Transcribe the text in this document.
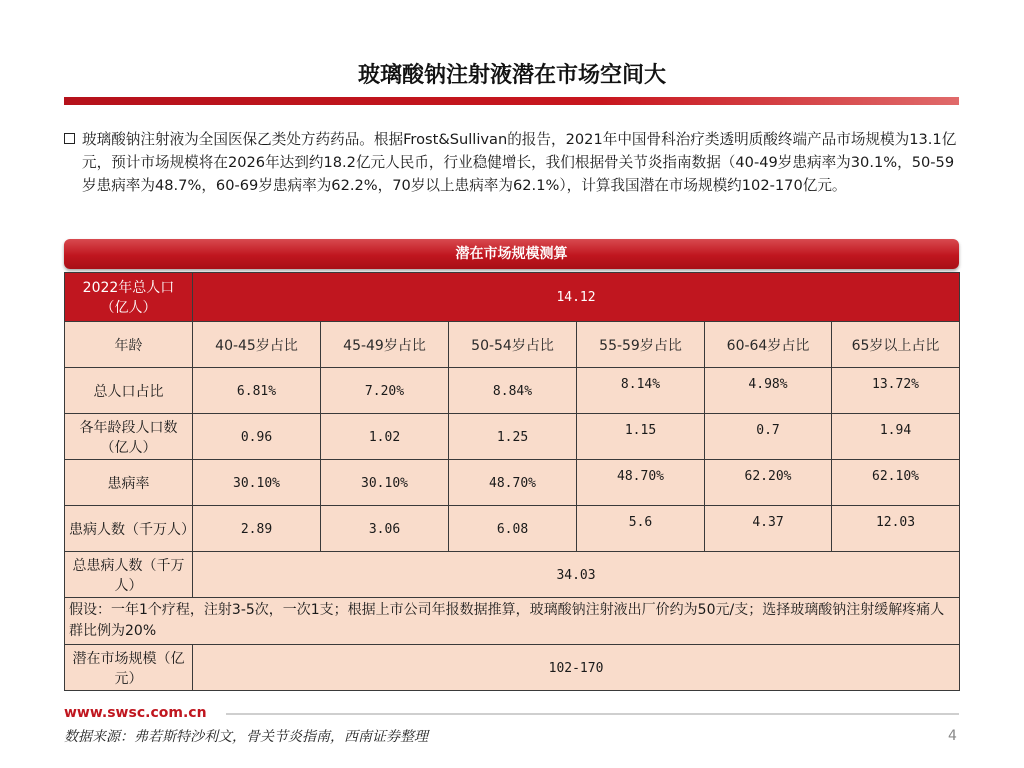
玻璃酸钠注射液潜在市场空间大
玻璃酸钠注射液为全国医保乙类处方药药品。根据Frost&Sullivan的报告，2021年中国骨科治疗类透明质酸终端产品市场规模为13.1亿元，预计市场规模将在2026年达到约18.2亿元人民币，行业稳健增长，我们根据骨关节炎指南数据（40-49岁患病率为30.1%，50-59岁患病率为48.7%，60-69岁患病率为62.2%，70岁以上患病率为62.1%），计算我国潜在市场规模约102-170亿元。
潜在市场规模测算
2022年总人口（亿人）	14.12					
年龄	40-45岁占比	45-49岁占比	50-54岁占比	55-59岁占比	60-64岁占比	65岁以上占比
总人口占比	6.81%	7.20%	8.84%	8.14%	4.98%	13.72%
各年龄段人口数（亿人）	0.96	1.02	1.25	1.15	0.7	1.94
患病率	30.10%	30.10%	48.70%	48.70%	62.20%	62.10%
患病人数（千万人）	2.89	3.06	6.08	5.6	4.37	12.03
总患病人数（千万人）	34.03					
假设：一年1个疗程，注射3-5次，一次1支；根据上市公司年报数据推算，玻璃酸钠注射液出厂价约为50元/支；选择玻璃酸钠注射缓解疼痛人群比例为20%						
潜在市场规模（亿元）	102-170					
www.swsc.com.cn
数据来源：弗若斯特沙利文，骨关节炎指南，西南证券整理	4
